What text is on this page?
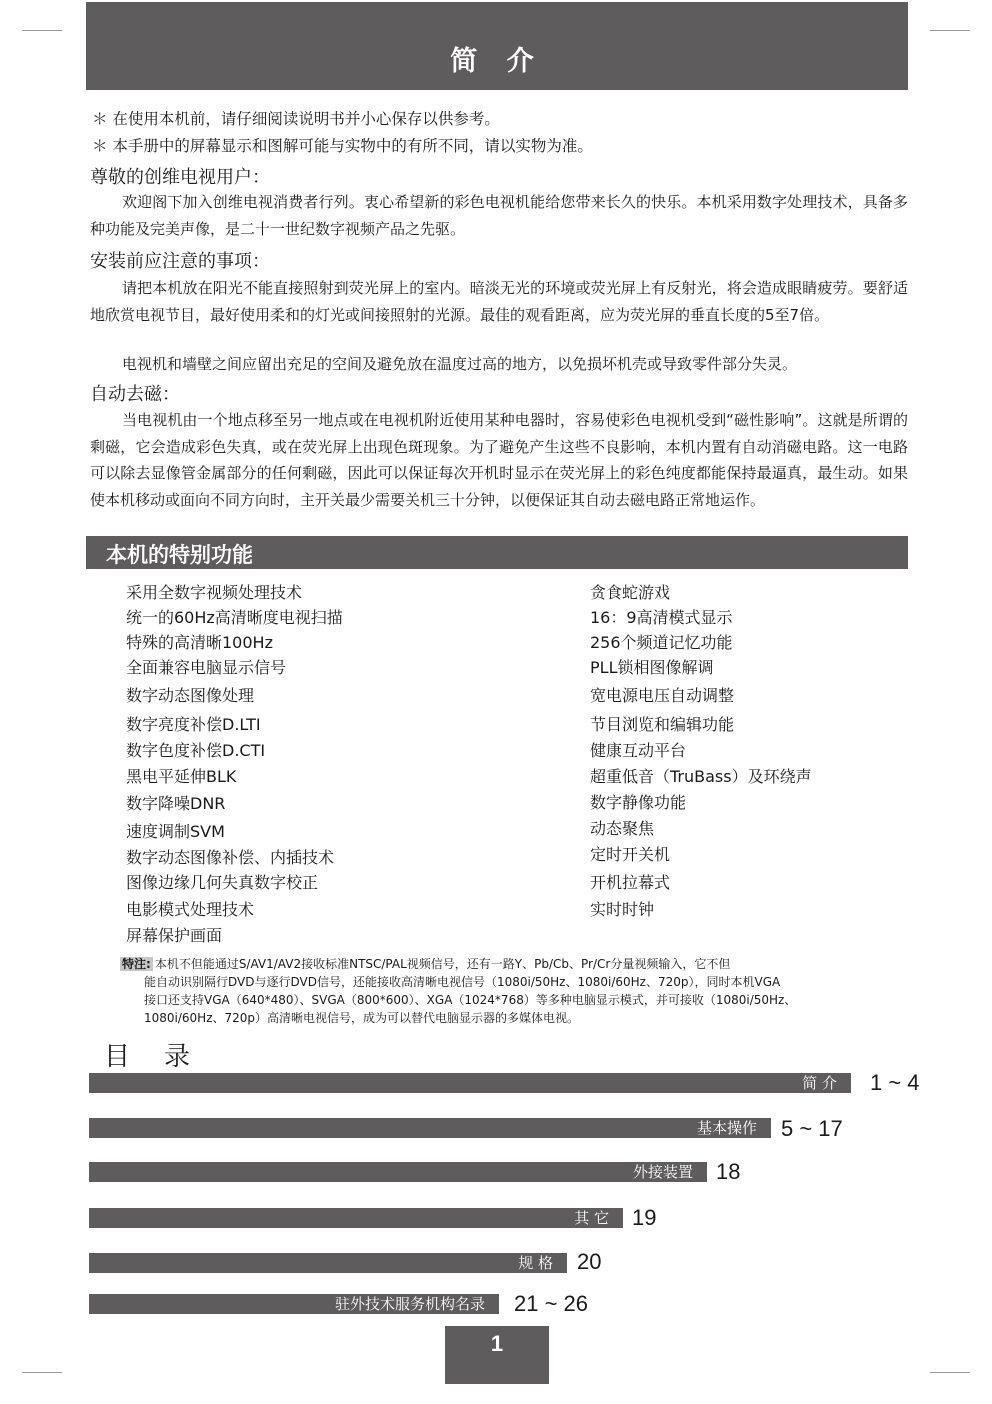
简 介
＊ 在使用本机前，请仔细阅读说明书并小心保存以供参考。
＊ 本手册中的屏幕显示和图解可能与实物中的有所不同，请以实物为准。
尊敬的创维电视用户：

欢迎阁下加入创维电视消费者行列。衷心希望新的彩色电视机能给您带来长久的快乐。本机采用数字处理技术，具备多种功能及完美声像，是二十一世纪数字视频产品之先驱。

安装前应注意的事项：

请把本机放在阳光不能直接照射到荧光屏上的室内。暗淡无光的环境或荧光屏上有反射光，将会造成眼睛疲劳。要舒适地欣赏电视节目，最好使用柔和的灯光或间接照射的光源。最佳的观看距离，应为荧光屏的垂直长度的5至7倍。

电视机和墙壁之间应留出充足的空间及避免放在温度过高的地方，以免损坏机壳或导致零件部分失灵。

自动去磁：

当电视机由一个地点移至另一地点或在电视机附近使用某种电器时，容易使彩色电视机受到“磁性影响”。这就是所谓的剩磁，它会造成彩色失真，或在荧光屏上出现色斑现象。为了避免产生这些不良影响，本机内置有自动消磁电路。这一电路可以除去显像管金属部分的任何剩磁，因此可以保证每次开机时显示在荧光屏上的彩色纯度都能保持最逼真，最生动。如果使本机移动或面向不同方向时，主开关最少需要关机三十分钟，以便保证其自动去磁电路正常地运作。

本机的特别功能
采用全数字视频处理技术
统一的60Hz高清晰度电视扫描
特殊的高清晰100Hz
全面兼容电脑显示信号
数字动态图像处理
数字亮度补偿D.LTI
数字色度补偿D.CTI
黑电平延伸BLK
数字降噪DNR
速度调制SVM
数字动态图像补偿、内插技术
图像边缘几何失真数字校正
电影模式处理技术
屏幕保护画面
贪食蛇游戏
16：9高清模式显示
256个频道记忆功能
PLL锁相图像解调
宽电源电压自动调整
节目浏览和编辑功能
健康互动平台
超重低音（TruBass）及环绕声
数字静像功能
动态聚焦
定时开关机
开机拉幕式
实时时钟
特注: 本机不但能通过S/AV1/AV2接收标准NTSC/PAL视频信号，还有一路Y、Pb/Cb、Pr/Cr分量视频输入，它不但
能自动识别隔行DVD与逐行DVD信号，还能接收高清晰电视信号（1080i/50Hz、1080i/60Hz、720p），同时本机VGA
接口还支持VGA（640*480）、SVGA（800*600）、XGA（1024*768）等多种电脑显示模式，并可接收（1080i/50Hz、
1080i/60Hz、720p）高清晰电视信号，成为可以替代电脑显示器的多媒体电视。
目录
简 介	1 ~ 4
基本操作	5 ~ 17
外接装置	18
其 它	19
规 格	20
驻外技术服务机构名录	21 ~ 26
1
